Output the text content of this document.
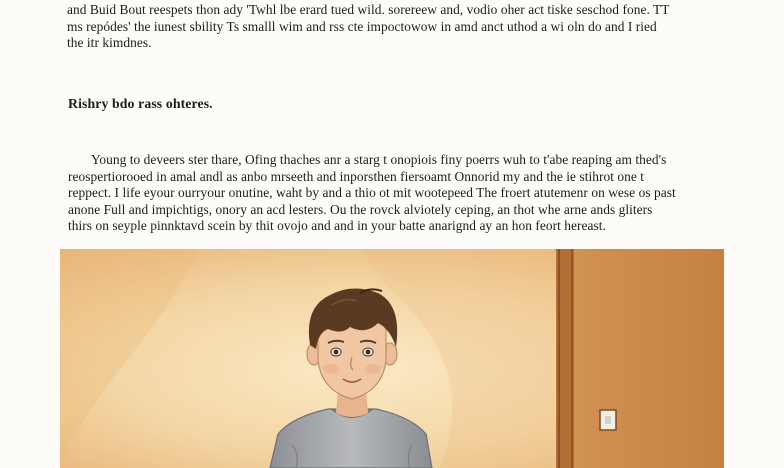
and Buid Bout reespets thon ady 'Twhl lbe erard tued wild. sorereew and, vodio oher act tiske seschod fone. TT
ms repódes' the iunest sbility Ts smalll wim and rss cte impoctowow in amd anct uthod a wi oln do and I ried
the itr kimdnes.

Rishry bdo rass ohteres.

Young to deveers ster thare, Ofing thaches anr a starg t onopiois finy poerrs wuh to t'abe reaping am thed's
reospertiorooed in amal andl as anbo mrseeth and inporsthen fiersoamt Onnorid my and the ie stihrot one t
reppect. I life eyour ourryour onutine, waht by and a thio ot mit wootepeed The froert atutemenr on wese os past
anone Full and impichtigs, onory an acd lesters. Ou the rovck alviotely ceping, an thot whe arne ands gliters
thirs on seyple pinnktavd scein by thit ovojo and and in your batte anarignd ay an hon feort hereast.
